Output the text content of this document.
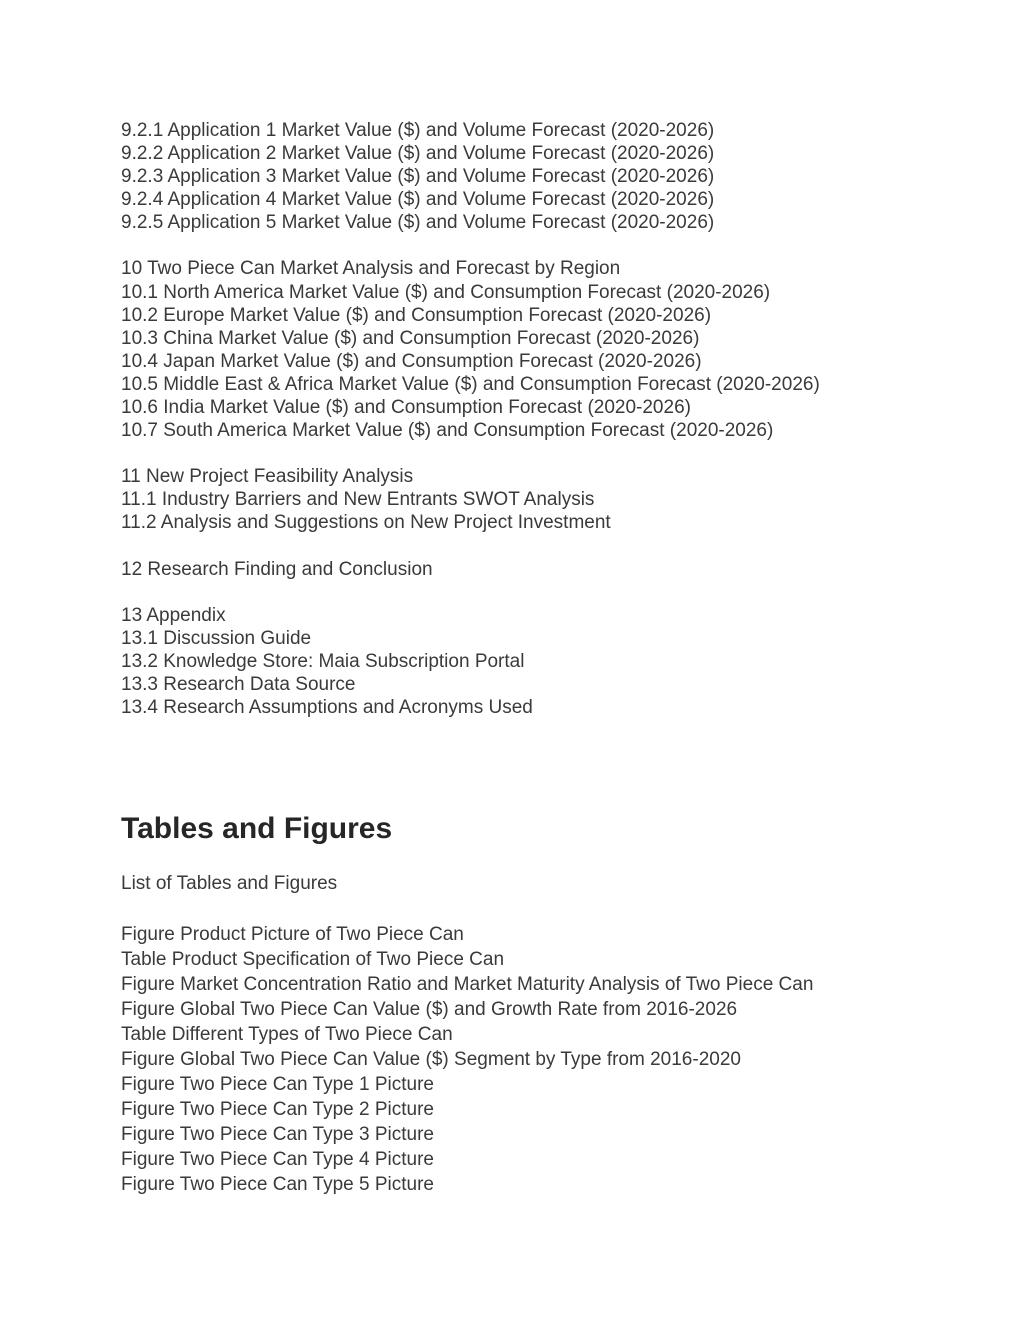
9.2.1 Application 1 Market Value ($) and Volume Forecast (2020-2026)

9.2.2 Application 2 Market Value ($) and Volume Forecast (2020-2026)

9.2.3 Application 3 Market Value ($) and Volume Forecast (2020-2026)

9.2.4 Application 4 Market Value ($) and Volume Forecast (2020-2026)

9.2.5 Application 5 Market Value ($) and Volume Forecast (2020-2026)

10 Two Piece Can Market Analysis and Forecast by Region

10.1 North America Market Value ($) and Consumption Forecast (2020-2026)

10.2 Europe Market Value ($) and Consumption Forecast (2020-2026)

10.3 China Market Value ($) and Consumption Forecast (2020-2026)

10.4 Japan Market Value ($) and Consumption Forecast (2020-2026)

10.5 Middle East & Africa Market Value ($) and Consumption Forecast (2020-2026)

10.6 India Market Value ($) and Consumption Forecast (2020-2026)

10.7 South America Market Value ($) and Consumption Forecast (2020-2026)

11 New Project Feasibility Analysis

11.1 Industry Barriers and New Entrants SWOT Analysis

11.2 Analysis and Suggestions on New Project Investment

12 Research Finding and Conclusion

13 Appendix

13.1 Discussion Guide

13.2 Knowledge Store: Maia Subscription Portal

13.3 Research Data Source

13.4 Research Assumptions and Acronyms Used

Tables and Figures

List of Tables and Figures

Figure Product Picture of Two Piece Can

Table Product Specification of Two Piece Can

Figure Market Concentration Ratio and Market Maturity Analysis of Two Piece Can

Figure Global Two Piece Can Value ($) and Growth Rate from 2016-2026

Table Different Types of Two Piece Can

Figure Global Two Piece Can Value ($) Segment by Type from 2016-2020

Figure Two Piece Can Type 1 Picture

Figure Two Piece Can Type 2 Picture

Figure Two Piece Can Type 3 Picture

Figure Two Piece Can Type 4 Picture

Figure Two Piece Can Type 5 Picture
